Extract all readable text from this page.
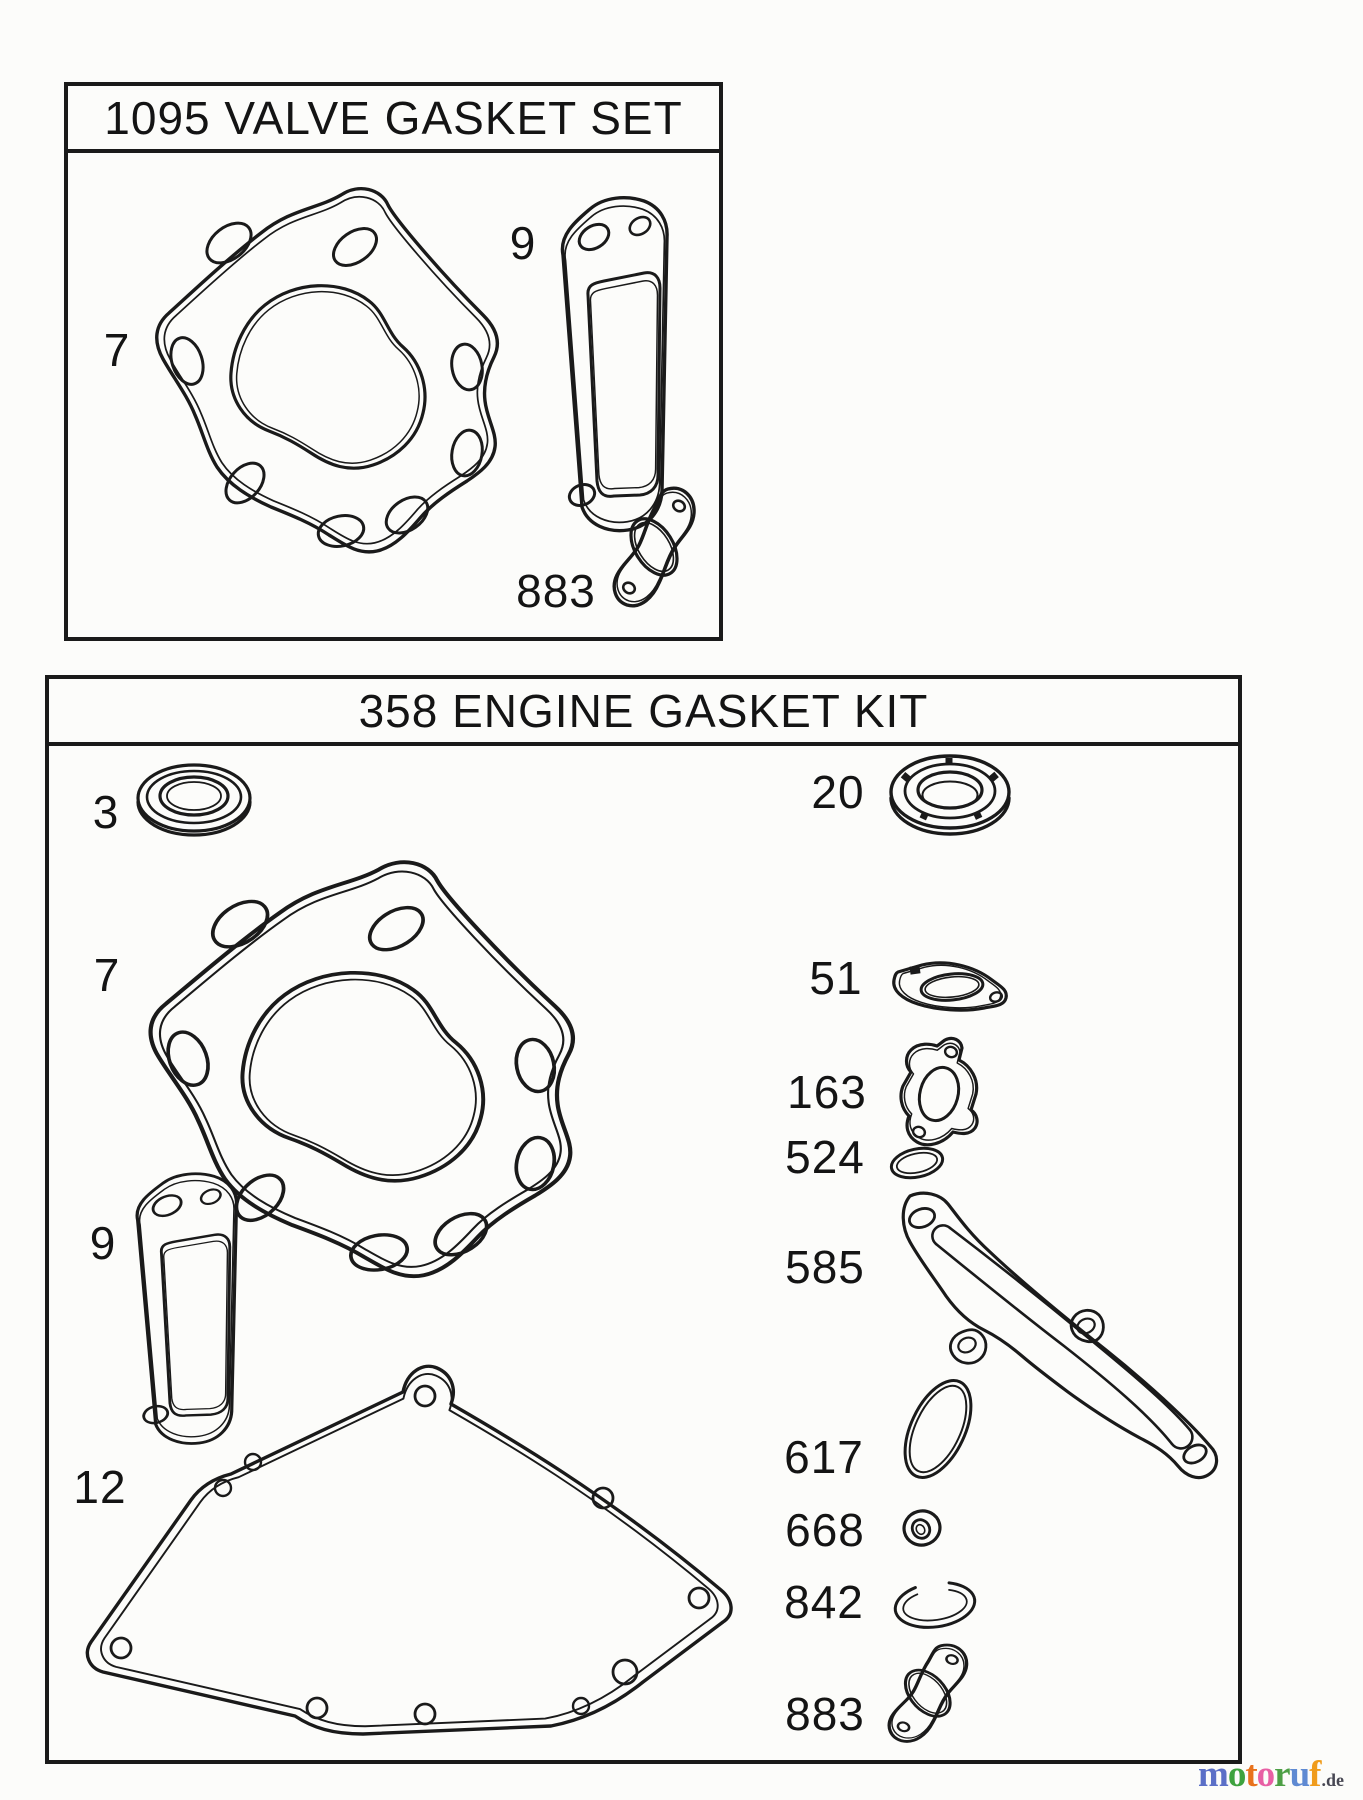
1095 VALVE GASKET SET
358 ENGINE GASKET KIT
7
9
883
3
7
9
12
20
51
163
524
585
617
668
842
883
m o t o r u f .de
